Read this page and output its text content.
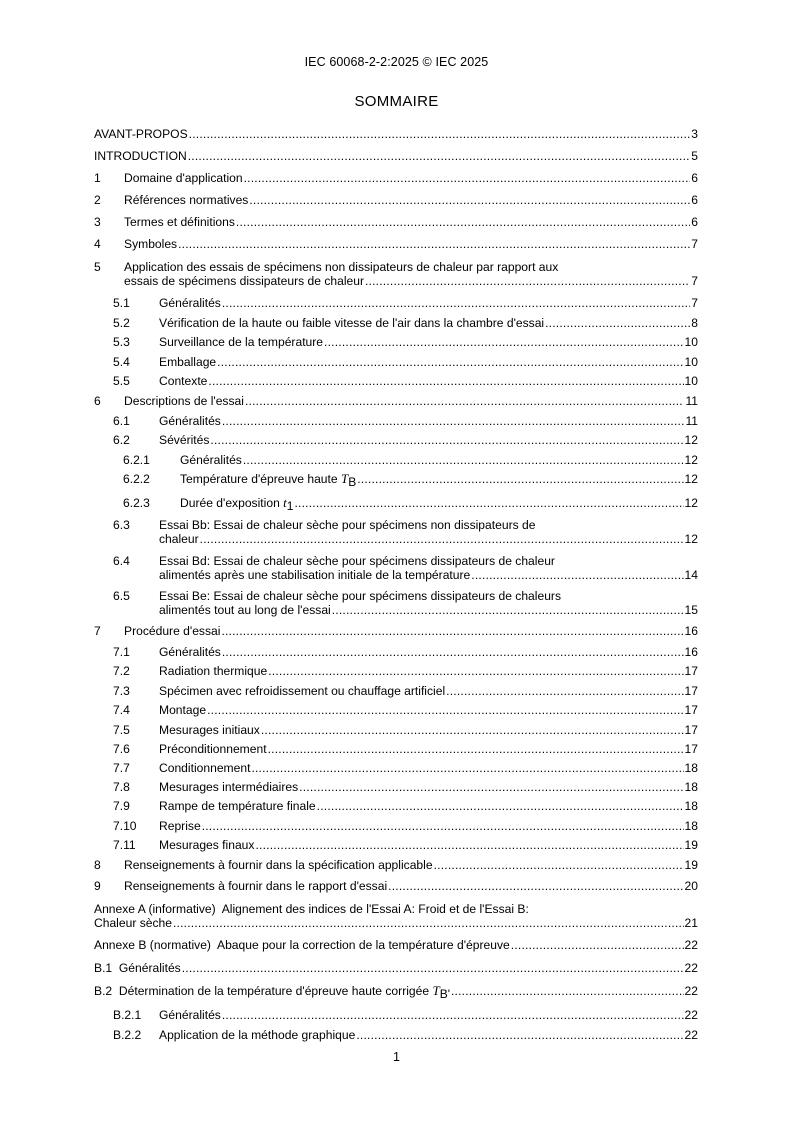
IEC 60068-2-2:2025 © IEC 2025
SOMMAIRE
AVANT-PROPOS .....	3
INTRODUCTION .....	5
1	Domaine d'application .....	6
2	Références normatives .....	6
3	Termes et définitions .....	6
4	Symboles .....	7
5	Application des essais de spécimens non dissipateurs de chaleur par rapport aux
essais de spécimens dissipateurs de chaleur .....	7
5.1	Généralités .....	7
5.2	Vérification de la haute ou faible vitesse de l'air dans la chambre d'essai .....	8
5.3	Surveillance de la température .....	10
5.4	Emballage .....	10
5.5	Contexte .....	10
6	Descriptions de l'essai .....	11
6.1	Généralités .....	11
6.2	Sévérités .....	12
6.2.1	Généralités .....	12
6.2.2	Température d'épreuve haute TB .....	12
6.2.3	Durée d'exposition t1 .....	12
6.3	Essai Bb: Essai de chaleur sèche pour spécimens non dissipateurs de
chaleur .....	12
6.4	Essai Bd: Essai de chaleur sèche pour spécimens dissipateurs de chaleur
alimentés après une stabilisation initiale de la température .....	14
6.5	Essai Be: Essai de chaleur sèche pour spécimens dissipateurs de chaleurs
alimentés tout au long de l'essai .....	15
7	Procédure d'essai .....	16
7.1	Généralités .....	16
7.2	Radiation thermique .....	17
7.3	Spécimen avec refroidissement ou chauffage artificiel .....	17
7.4	Montage .....	17
7.5	Mesurages initiaux .....	17
7.6	Préconditionnement .....	17
7.7	Conditionnement .....	18
7.8	Mesurages intermédiaires .....	18
7.9	Rampe de température finale .....	18
7.10	Reprise .....	18
7.11	Mesurages finaux .....	19
8	Renseignements à fournir dans la spécification applicable .....	19
9	Renseignements à fournir dans le rapport d'essai .....	20
Annexe A (informative)  Alignement des indices de l'Essai A: Froid et de l'Essai B:
Chaleur sèche .....	21
Annexe B (normative)  Abaque pour la correction de la température d'épreuve .....	22
B.1  Généralités .....	22
B.2  Détermination de la température d'épreuve haute corrigée TB' .....	22
B.2.1	Généralités .....	22
B.2.2	Application de la méthode graphique .....	22
1
